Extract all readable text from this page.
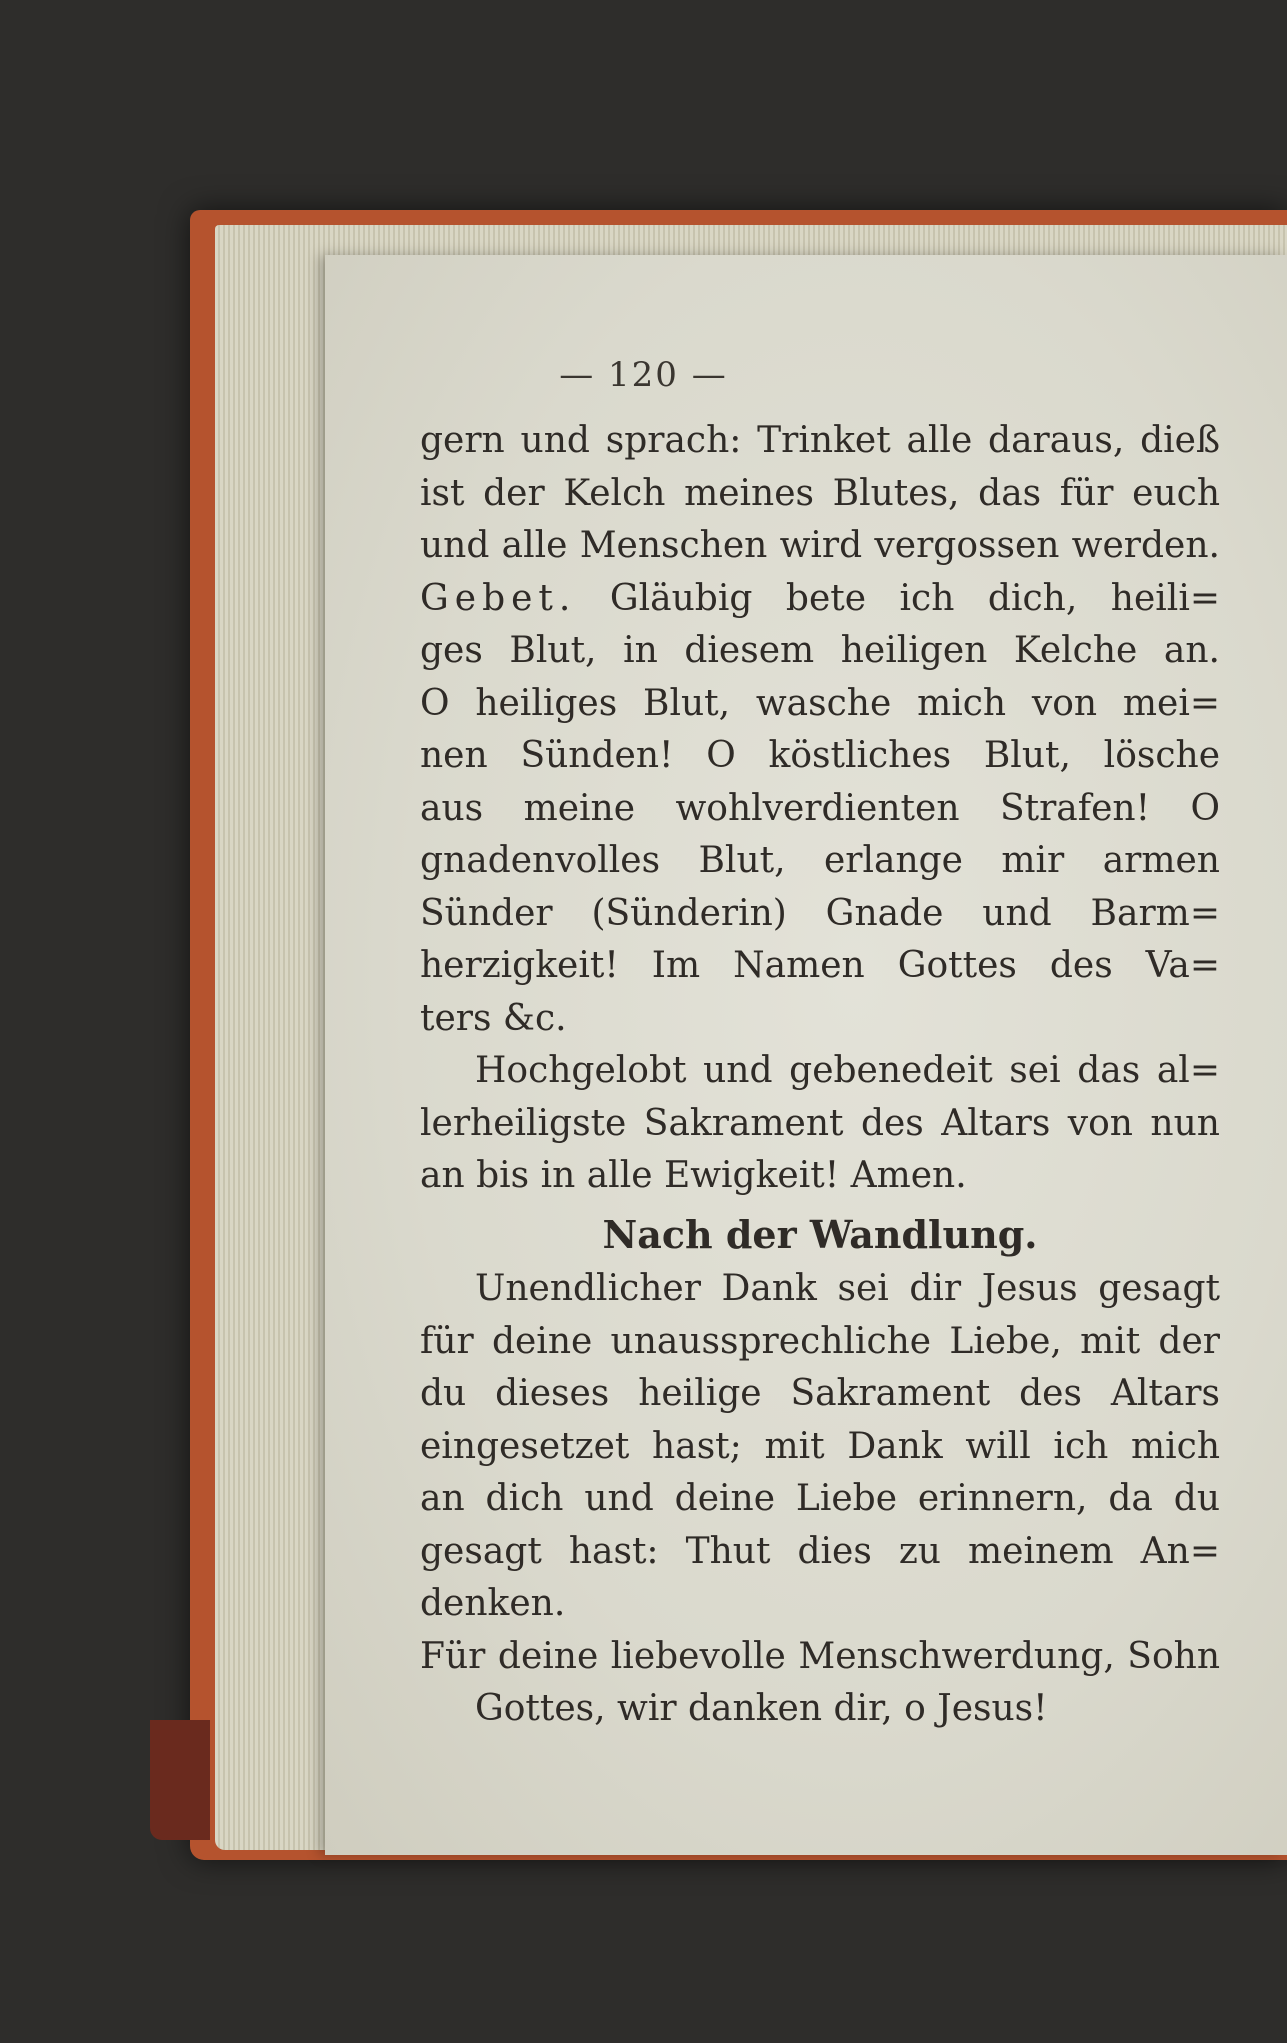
— 120 —
gern und sprach: Trinket alle daraus, dieß
ist der Kelch meines Blutes, das für euch
und alle Menschen wird vergossen werden.
Gebet. Gläubig bete ich dich, heili=
ges Blut, in diesem heiligen Kelche an.
O heiliges Blut, wasche mich von mei=
nen Sünden! O köstliches Blut, lösche
aus meine wohlverdienten Strafen! O
gnadenvolles Blut, erlange mir armen
Sünder (Sünderin) Gnade und Barm=
herzigkeit! Im Namen Gottes des Va=
ters &c.
Hochgelobt und gebenedeit sei das al=
lerheiligste Sakrament des Altars von nun
an bis in alle Ewigkeit! Amen.
Nach der Wandlung.
Unendlicher Dank sei dir Jesus gesagt
für deine unaussprechliche Liebe, mit der
du dieses heilige Sakrament des Altars
eingesetzet hast; mit Dank will ich mich
an dich und deine Liebe erinnern, da du
gesagt hast: Thut dies zu meinem An=
denken.
Für deine liebevolle Menschwerdung, Sohn
Gottes, wir danken dir, o Jesus!
